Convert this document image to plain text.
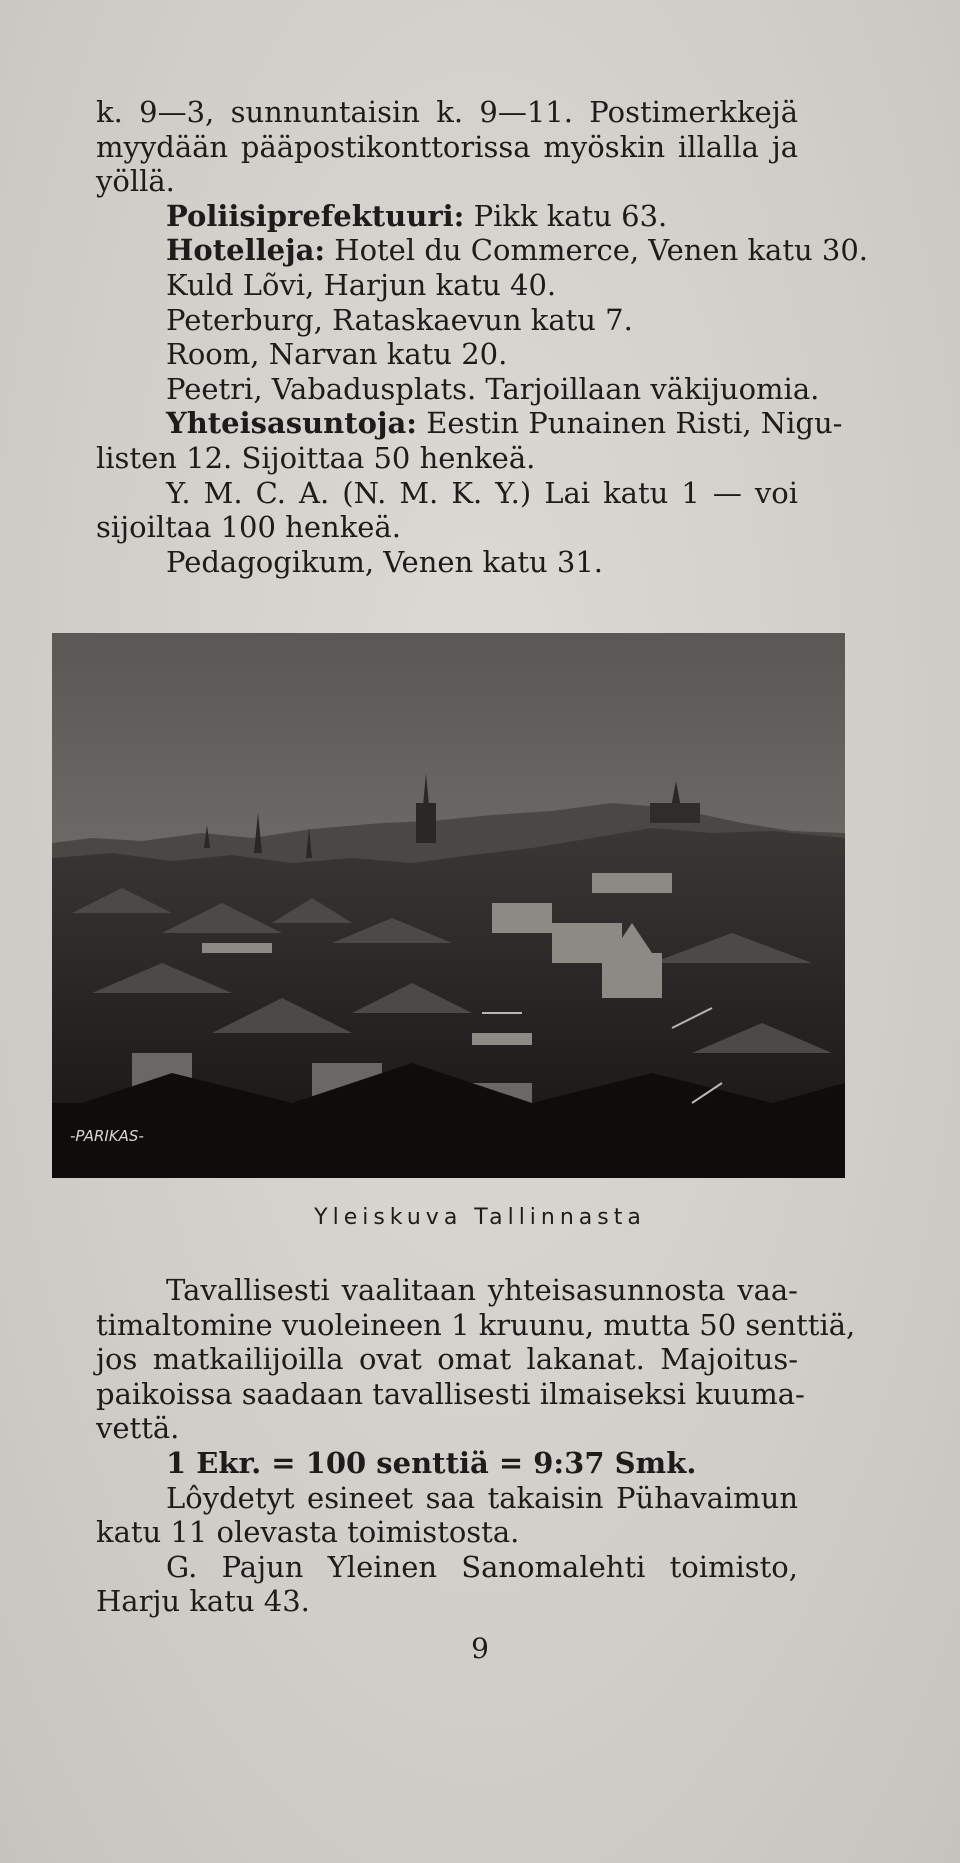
k. 9—3, sunnuntaisin k. 9—11. Postimerkkejä
myydään pääpostikonttorissa myöskin illalla ja
yöllä.
Poliisiprefektuuri: Pikk katu 63.
Hotelleja: Hotel du Commerce, Venen katu 30.
Kuld Lõvi, Harjun katu 40.
Peterburg, Rataskaevun katu 7.
Room, Narvan katu 20.
Peetri, Vabadusplats. Tarjoillaan väkijuomia.
Yhteisasuntoja: Eestin Punainen Risti, Nigu-
listen 12. Sijoittaa 50 henkeä.
Y. M. C. A. (N. M. K. Y.) Lai katu 1 — voi
sijoiltaa 100 henkeä.
Pedagogikum, Venen katu 31.
-PARIKAS-
Yleiskuva Tallinnasta
Tavallisesti vaalitaan yhteisasunnosta vaa-
timaltomine vuoleineen 1 kruunu, mutta 50 senttiä,
jos matkailijoilla ovat omat lakanat. Majoitus-
paikoissa saadaan tavallisesti ilmaiseksi kuuma-
vettä.
1 Ekr. = 100 senttiä = 9:37 Smk.
Lôydetyt esineet saa takaisin Pühavaimun
katu 11 olevasta toimistosta.
G. Pajun Yleinen Sanomalehti toimisto,
Harju katu 43.
9
